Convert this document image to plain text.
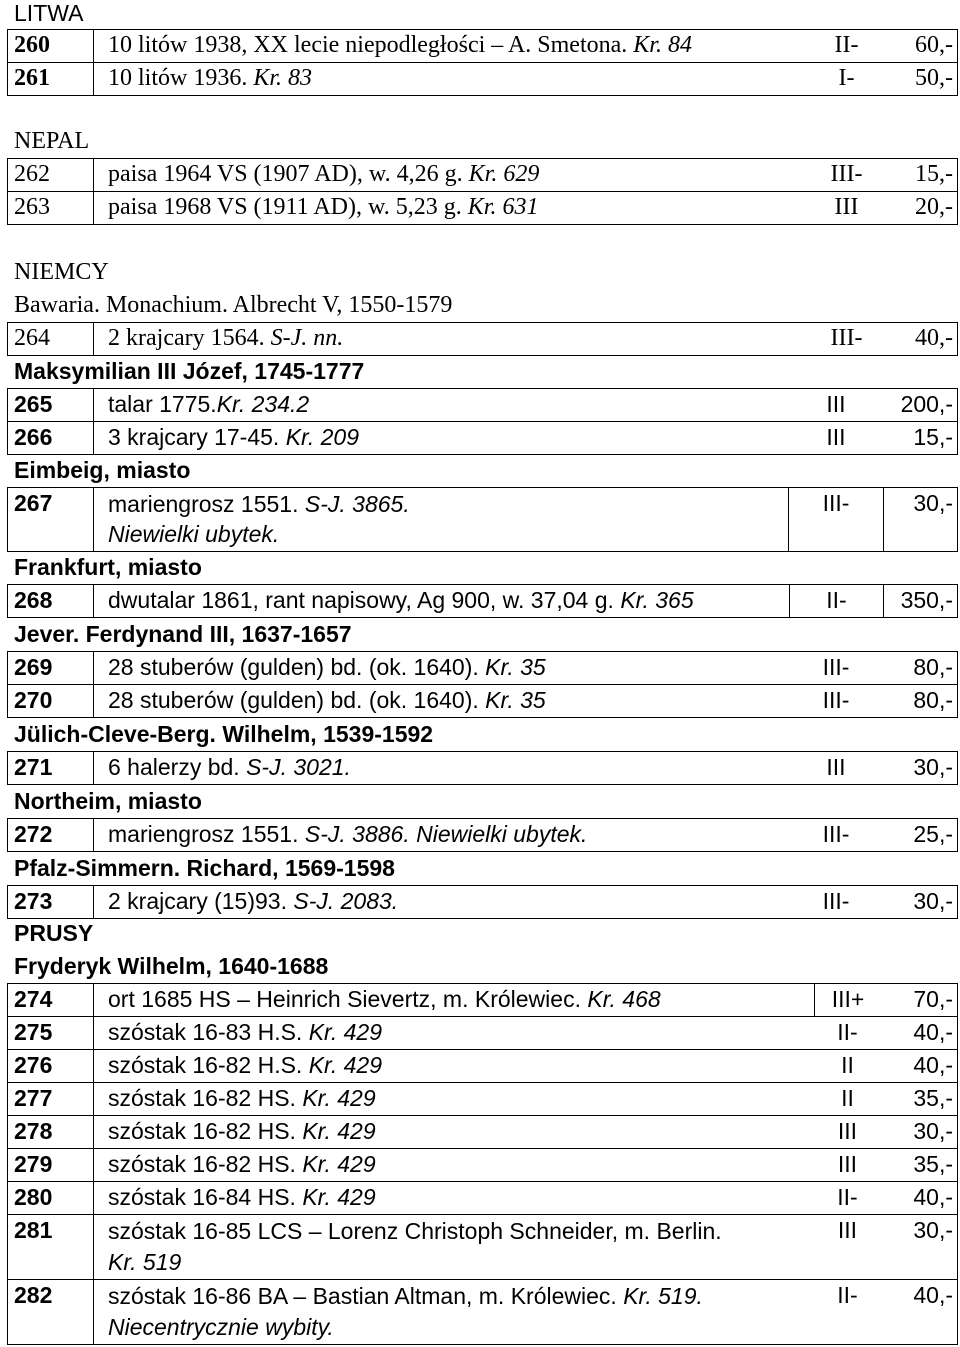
LITWA
260 10 litów 1938, XX lecie niepodległości – A. Smetona. Kr. 84	II-	60,-
261 10 litów 1936. Kr. 83	I-	50,-
NEPAL
262 paisa 1964 VS (1907 AD), w. 4,26 g. Kr. 629	III-	15,-
263 paisa 1968 VS (1911 AD), w. 5,23 g. Kr. 631	III	20,-
NIEMCY
Bawaria. Monachium. Albrecht V, 1550-1579
264 2 krajcary 1564. S-J. nn.	III-	40,-
Maksymilian III Józef, 1745-1777
265 talar 1775.Kr. 234.2	III	200,-
266 3 krajcary 17-45. Kr. 209	III	15,-
Eimbeig, miasto
267 mariengrosz 1551. S-J. 3865.
Niewielki ubytek.
III-	30,-
Frankfurt, miasto
268 dwutalar 1861, rant napisowy, Ag 900, w. 37,04 g. Kr. 365	II-	350,-
Jever. Ferdynand III, 1637-1657
269 28 stuberów (gulden) bd. (ok. 1640). Kr. 35	III-	80,-
270 28 stuberów (gulden) bd. (ok. 1640). Kr. 35	III-	80,-
Jülich-Cleve-Berg. Wilhelm, 1539-1592
271 6 halerzy bd. S-J. 3021.	III	30,-
Northeim, miasto
272 mariengrosz 1551. S-J. 3886. Niewielki ubytek.	III-	25,-
Pfalz-Simmern. Richard, 1569-1598
273 2 krajcary (15)93. S-J. 2083.	III-	30,-
PRUSY
Fryderyk Wilhelm, 1640-1688
274 ort 1685 HS – Heinrich Sievertz, m. Królewiec. Kr. 468	III+	70,-
275 szóstak 16-83 H.S. Kr. 429	II-	40,-
276 szóstak 16-82 H.S. Kr. 429	II	40,-
277 szóstak 16-82 HS. Kr. 429	II	35,-
278 szóstak 16-82 HS. Kr. 429	III	30,-
279 szóstak 16-82 HS. Kr. 429	III	35,-
280 szóstak 16-84 HS. Kr. 429	II-	40,-
281 szóstak 16-85 LCS – Lorenz Christoph Schneider, m. Berlin.
Kr. 519
III	30,-
282 szóstak 16-86 BA – Bastian Altman, m. Królewiec. Kr. 519.
Niecentrycznie wybity.
II-	40,-
